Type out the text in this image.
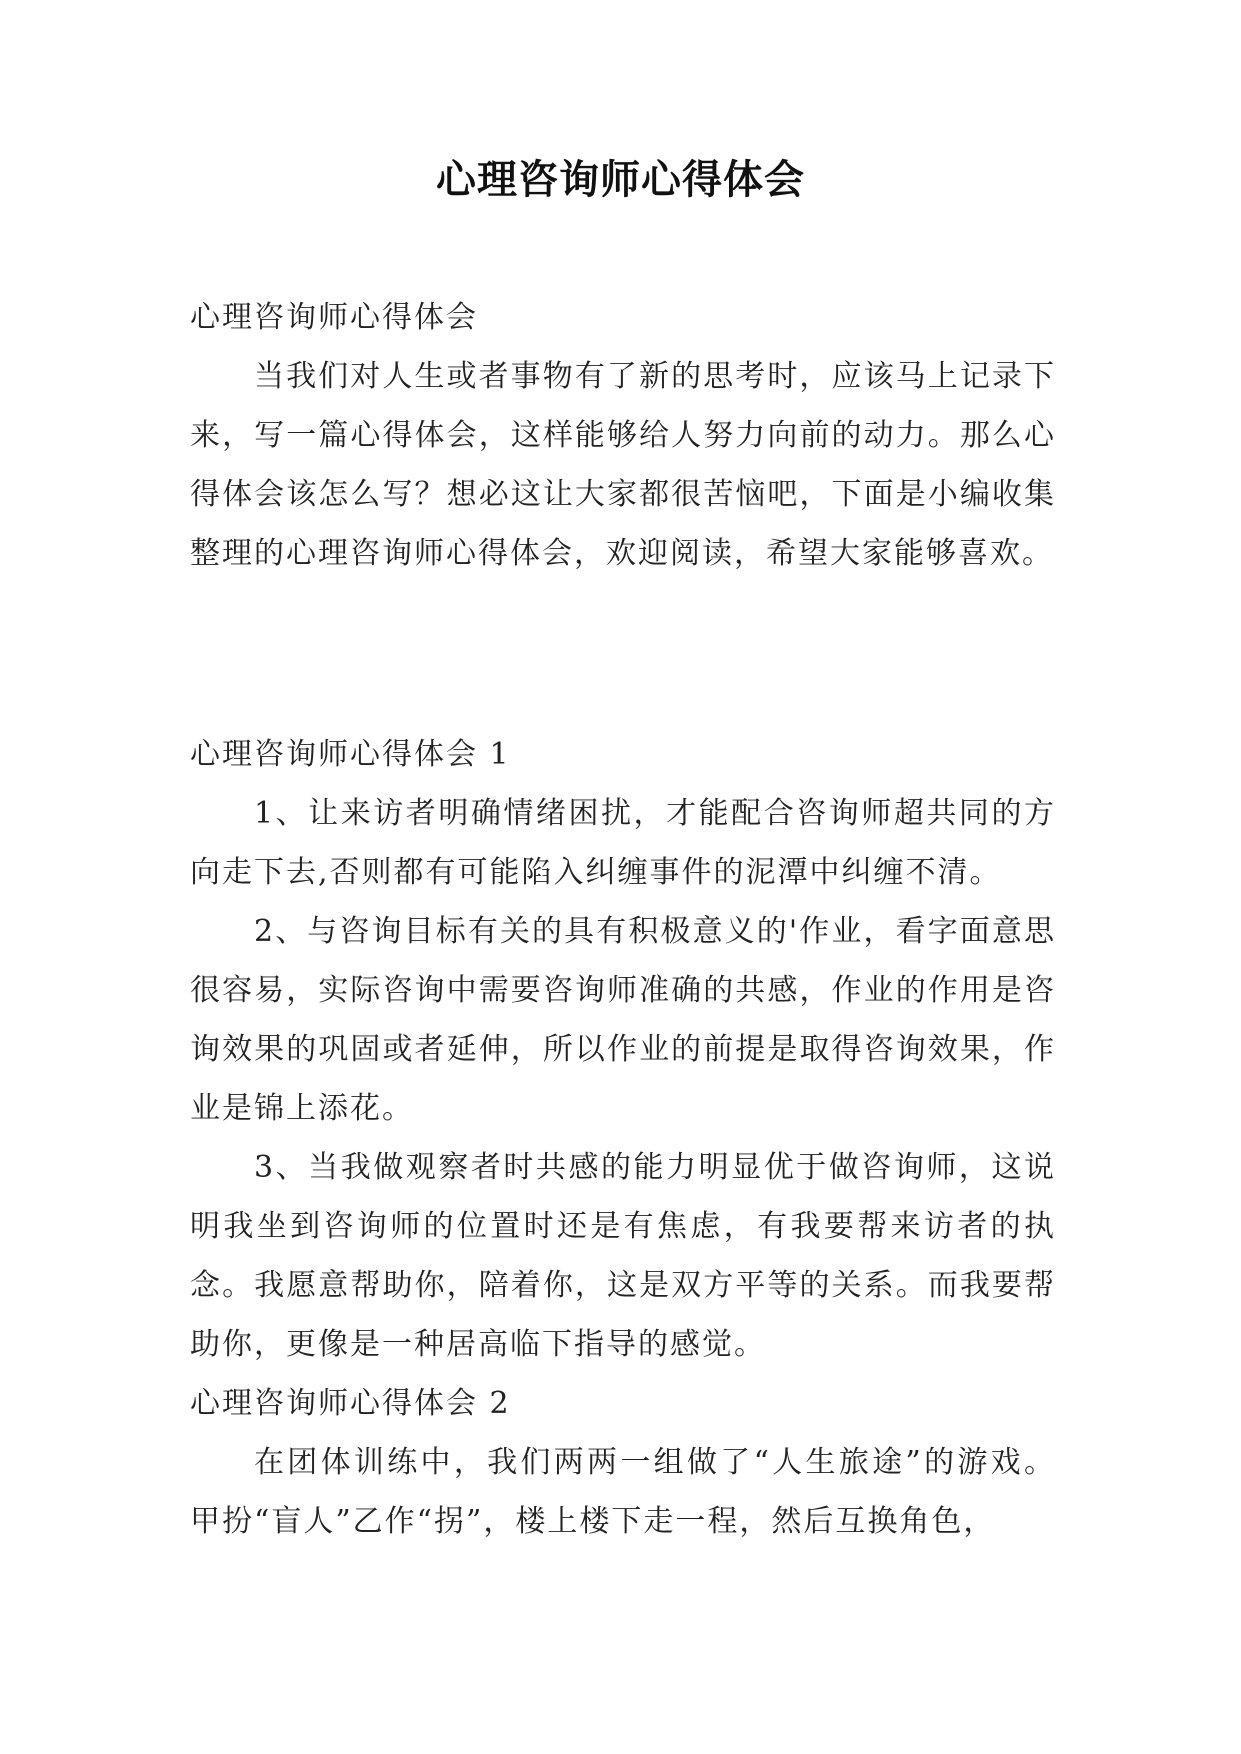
心理咨询师心得体会

心理咨询师心得体会

当我们对人生或者事物有了新的思考时，应该马上记录下来，写一篇心得体会，这样能够给人努力向前的动力。那么心得体会该怎么写？想必这让大家都很苦恼吧，下面是小编收集整理的心理咨询师心得体会，欢迎阅读，希望大家能够喜欢。

心理咨询师心得体会 1

1、让来访者明确情绪困扰，才能配合咨询师超共同的方向走下去,否则都有可能陷入纠缠事件的泥潭中纠缠不清。

2、与咨询目标有关的具有积极意义的'作业，看字面意思很容易，实际咨询中需要咨询师准确的共感，作业的作用是咨询效果的巩固或者延伸，所以作业的前提是取得咨询效果，作业是锦上添花。

3、当我做观察者时共感的能力明显优于做咨询师，这说明我坐到咨询师的位置时还是有焦虑，有我要帮来访者的执念。我愿意帮助你，陪着你，这是双方平等的关系。而我要帮助你，更像是一种居高临下指导的感觉。

心理咨询师心得体会 2

在团体训练中，我们两两一组做了“人生旅途”的游戏。甲扮“盲人”乙作“拐”，楼上楼下走一程，然后互换角色，
